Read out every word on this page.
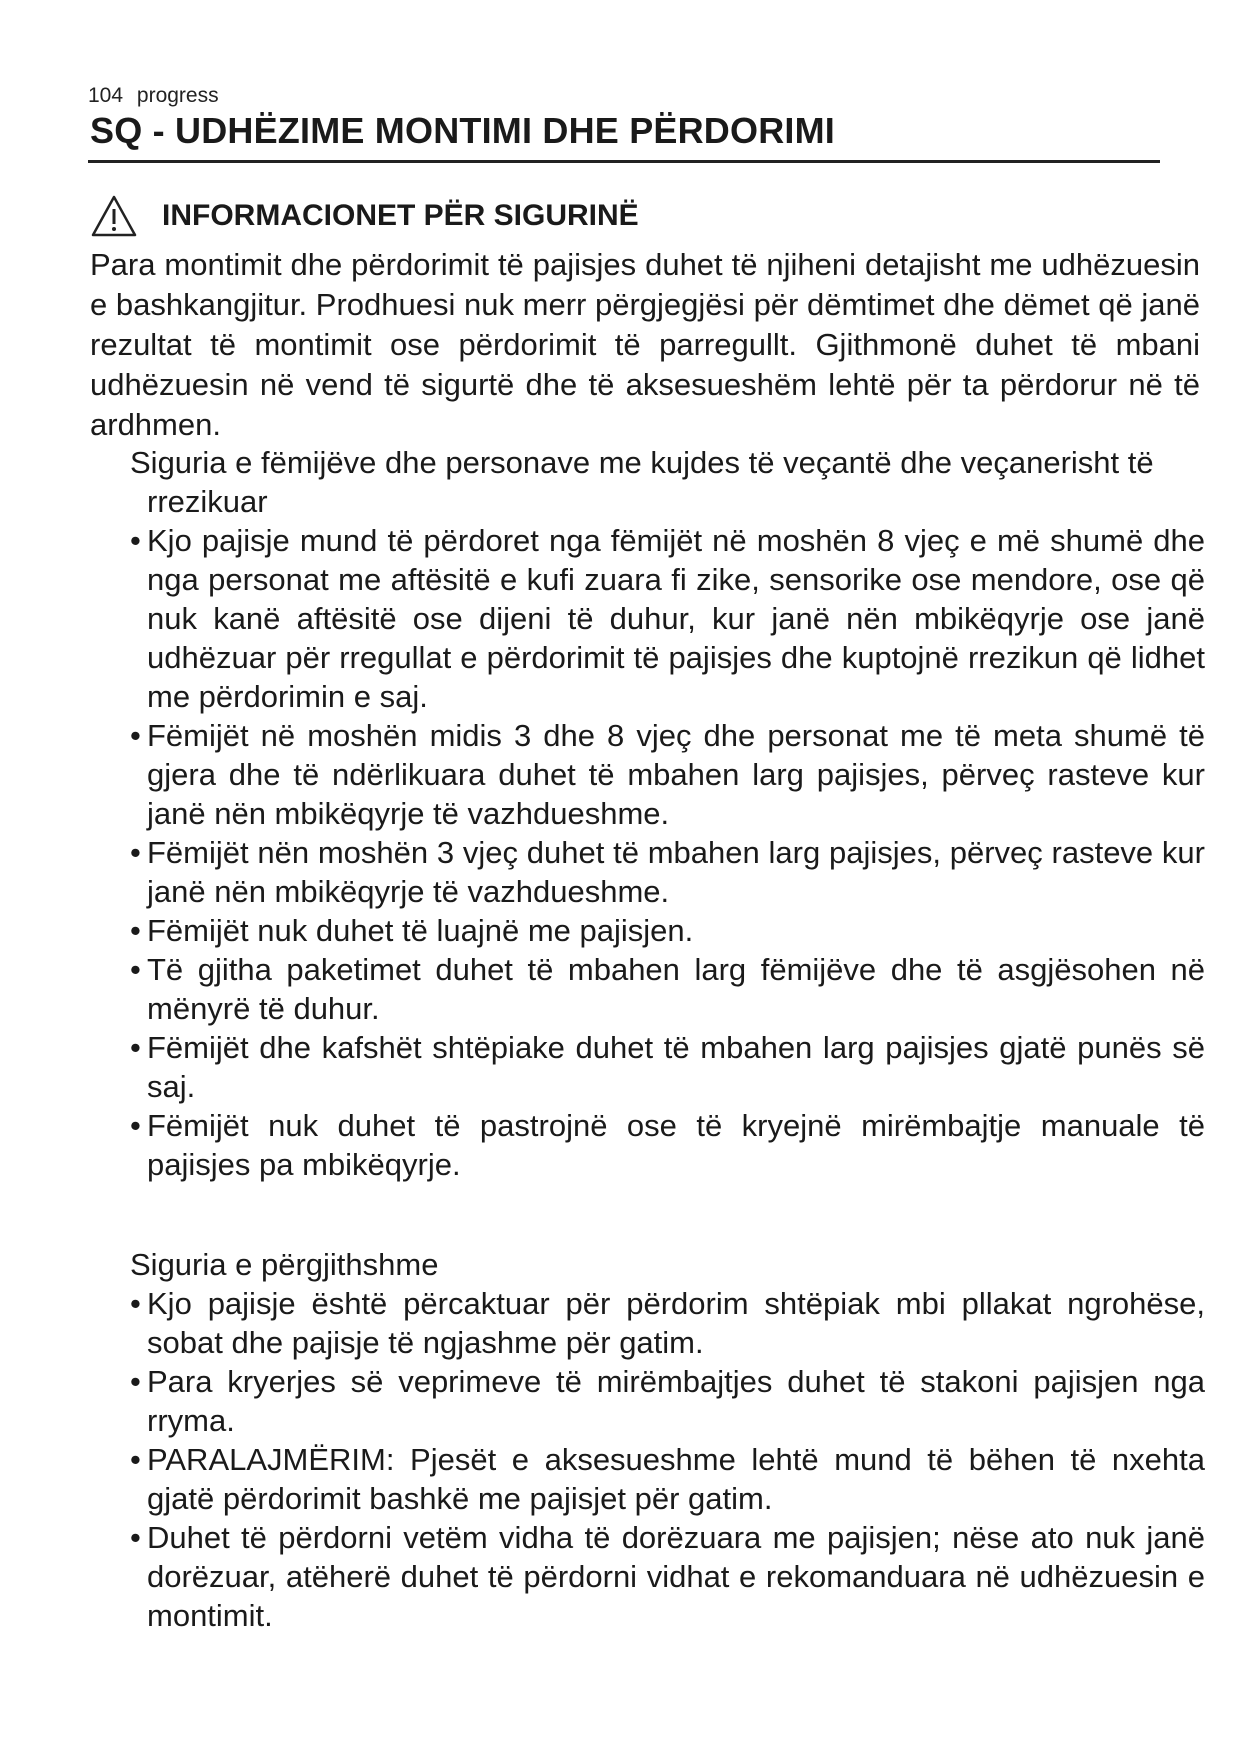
104 progress
SQ - UDHËZIME MONTIMI DHE PËRDORIMI
INFORMACIONET PËR SIGURINË

Para montimit dhe përdorimit të pajisjes duhet të njiheni detajisht me udhëzuesin e bashkangjitur. Prodhuesi nuk merr përgjegjësi për dëmtimet dhe dëmet që janë rezultat të montimit ose përdorimit të parregullt. Gjithmonë duhet të mbani udhëzuesin në vend të sigurtë dhe të aksesueshëm lehtë për ta përdorur në të ardhmen.

Siguria e fëmijëve dhe personave me kujdes të veçantë dhe veçanerisht të rrezikuar

• Kjo pajisje mund të përdoret nga fëmijët në moshën 8 vjeç e më shumë dhe nga personat me aftësitë e kufi zuara fi zike, sensorike ose mendore, ose që nuk kanë aftësitë ose dijeni të duhur, kur janë nën mbikëqyrje ose janë udhëzuar për rregullat e përdorimit të pajisjes dhe kuptojnë rrezikun që lidhet me përdorimin e saj.
• Fëmijët në moshën midis 3 dhe 8 vjeç dhe personat me të meta shumë të gjera dhe të ndërlikuara duhet të mbahen larg pajisjes, përveç rasteve kur janë nën mbikëqyrje të vazhdueshme.
• Fëmijët nën moshën 3 vjeç duhet të mbahen larg pajisjes, përveç rasteve kur janë nën mbikëqyrje të vazhdueshme.
• Fëmijët nuk duhet të luajnë me pajisjen.
• Të gjitha paketimet duhet të mbahen larg fëmijëve dhe të asgjësohen në mënyrë të duhur.
• Fëmijët dhe kafshët shtëpiake duhet të mbahen larg pajisjes gjatë punës së saj.
• Fëmijët nuk duhet të pastrojnë ose të kryejnë mirëmbajtje manuale të pajisjes pa mbikëqyrje.

Siguria e përgjithshme

• Kjo pajisje është përcaktuar për përdorim shtëpiak mbi pllakat ngrohëse, sobat dhe pajisje të ngjashme për gatim.
• Para kryerjes së veprimeve të mirëmbajtjes duhet të stakoni pajisjen nga rryma.
• PARALAJMËRIM: Pjesët e aksesueshme lehtë mund të bëhen të nxehta gjatë përdorimit bashkë me pajisjet për gatim.
• Duhet të përdorni vetëm vidha të dorëzuara me pajisjen; nëse ato nuk janë dorëzuar, atëherë duhet të përdorni vidhat e rekomanduara në udhëzuesin e montimit.
